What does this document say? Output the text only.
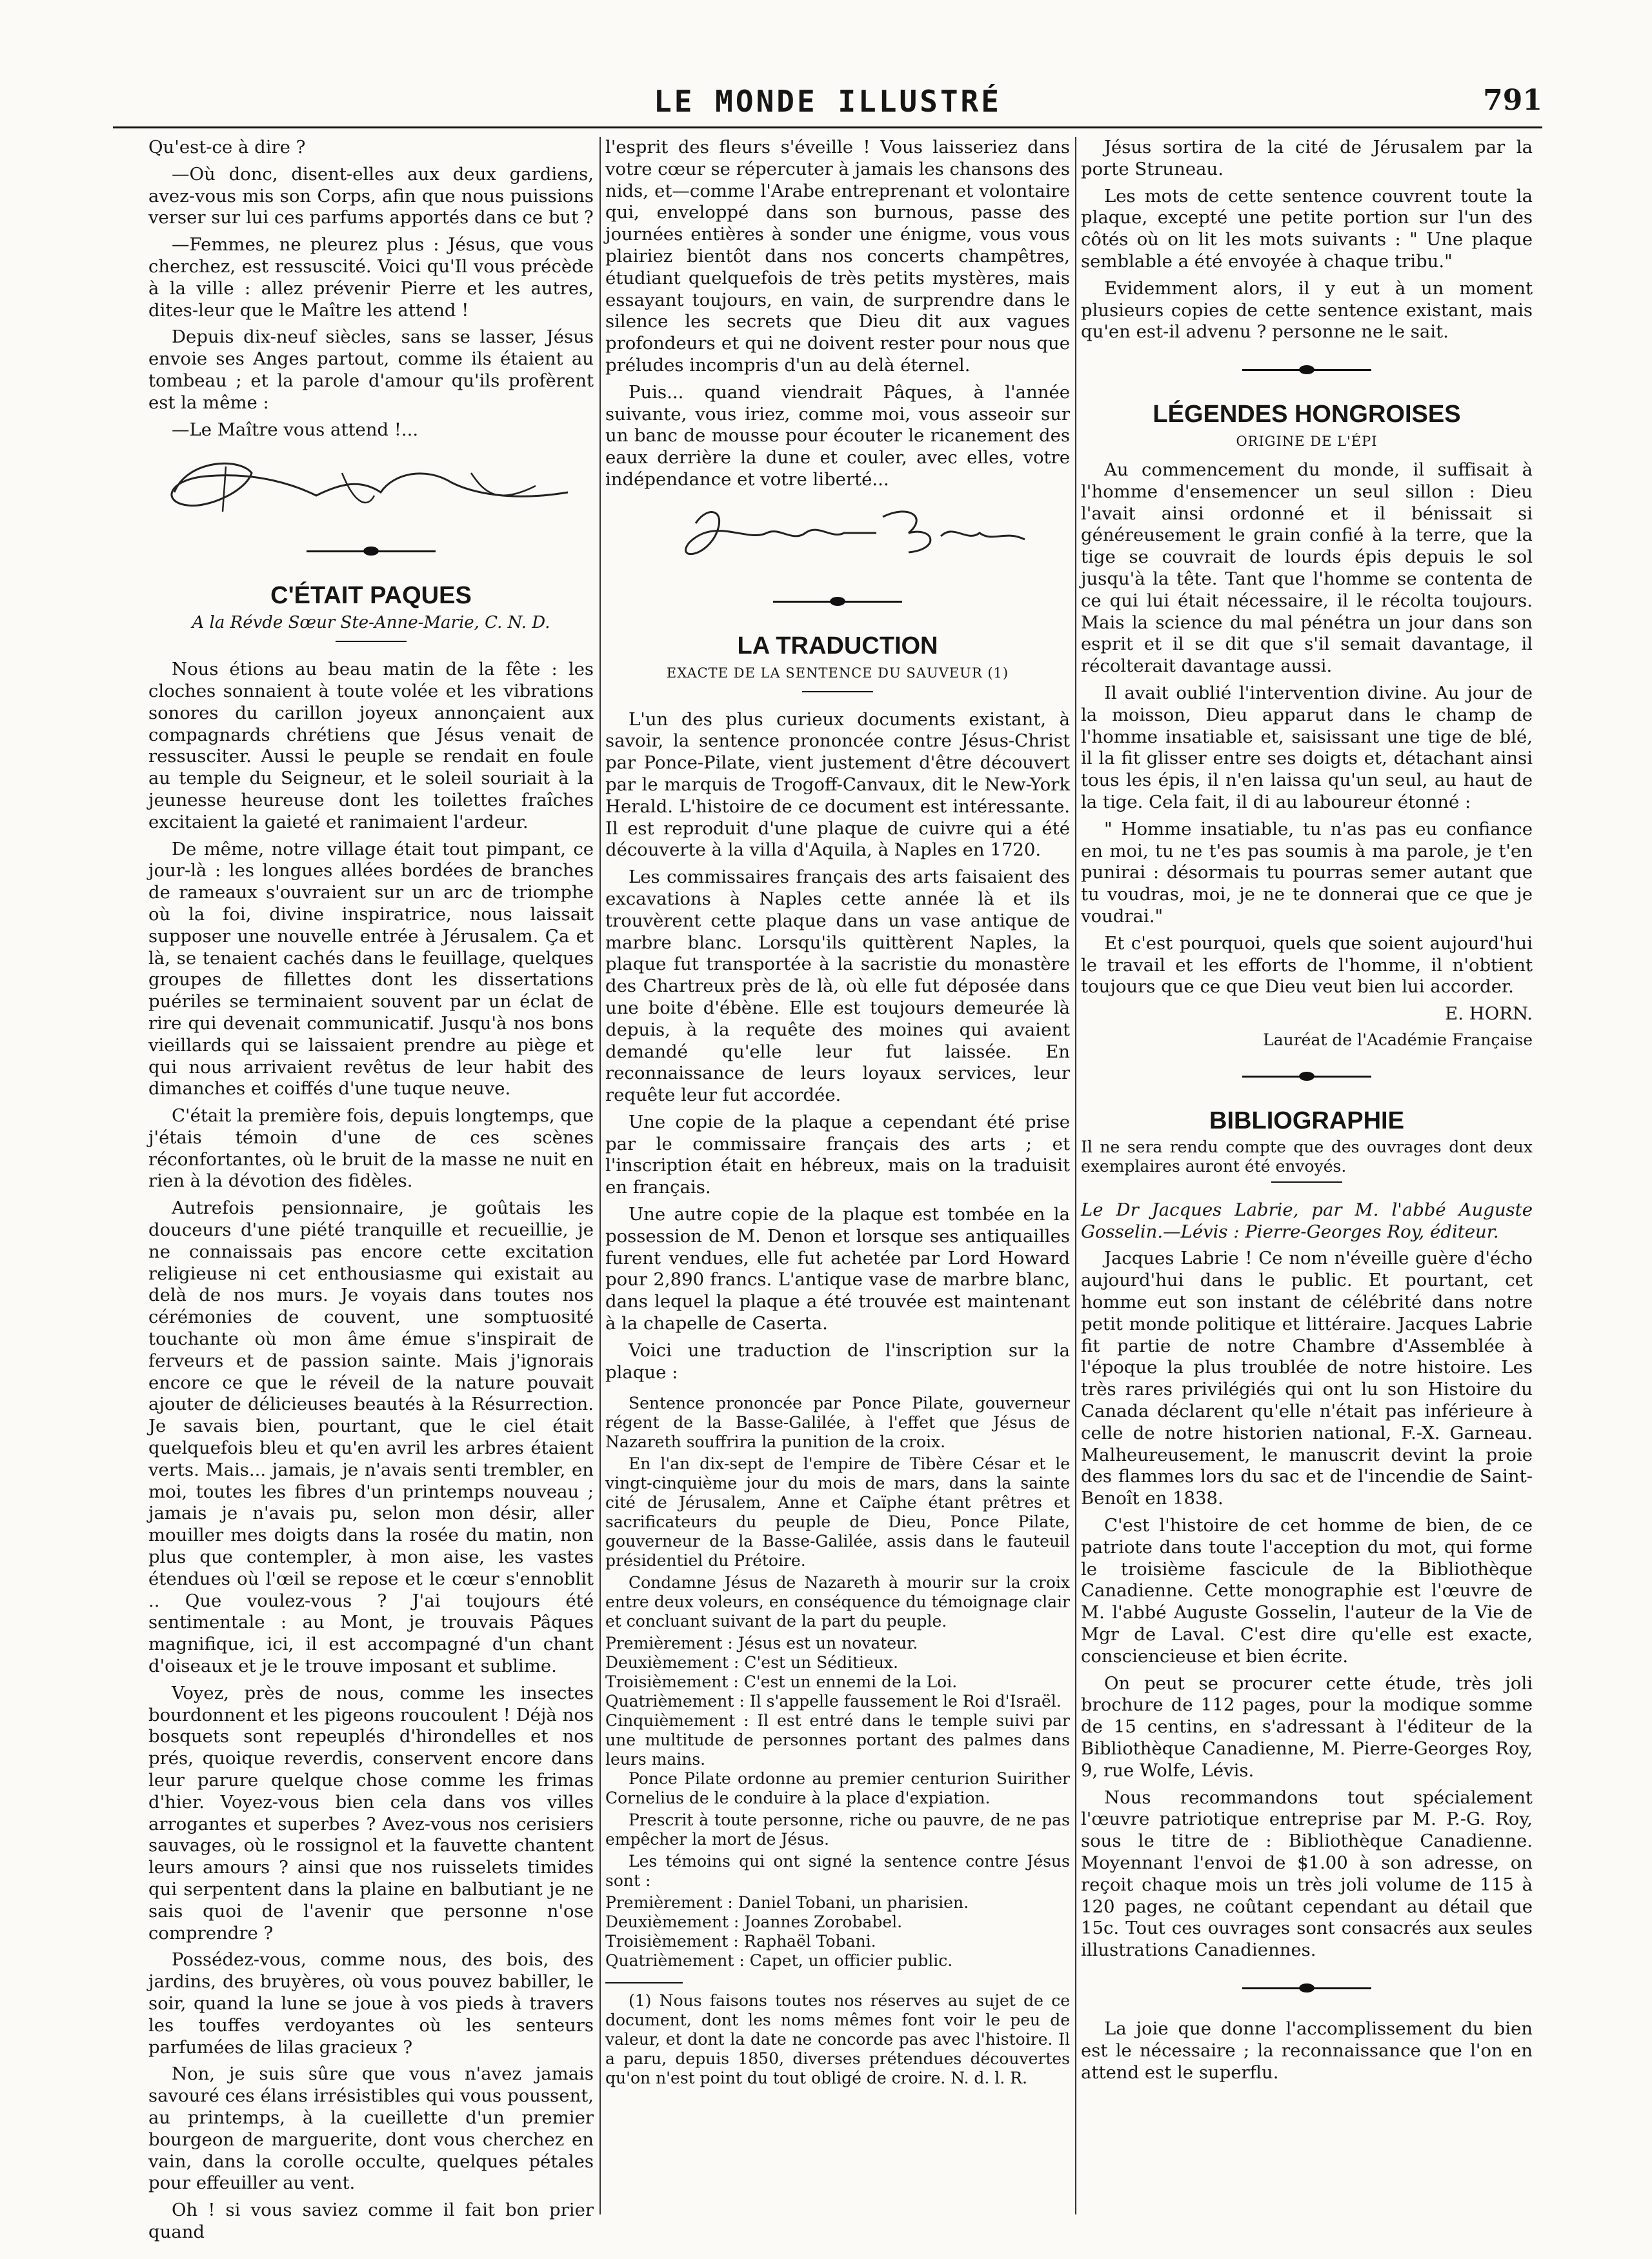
LE MONDE ILLUSTRÉ	791

Qu'est-ce à dire ?

—Où donc, disent-elles aux deux gardiens, avez-vous mis son Corps, afin que nous puissions verser sur lui ces parfums apportés dans ce but ?

—Femmes, ne pleurez plus : Jésus, que vous cherchez, est ressuscité. Voici qu'Il vous précède à la ville : allez prévenir Pierre et les autres, dites-leur que le Maître les attend !

Depuis dix-neuf siècles, sans se lasser, Jésus envoie ses Anges partout, comme ils étaient au tombeau ; et la parole d'amour qu'ils profèrent est la même :

—Le Maître vous attend !...

C'ÉTAIT PAQUES
A la Révde Sœur Ste-Anne-Marie, C. N. D.

Nous étions au beau matin de la fête : les cloches sonnaient à toute volée et les vibrations sonores du carillon joyeux annonçaient aux compagnards chrétiens que Jésus venait de ressusciter. Aussi le peuple se rendait en foule au temple du Seigneur, et le soleil souriait à la jeunesse heureuse dont les toilettes fraîches excitaient la gaieté et ranimaient l'ardeur.

De même, notre village était tout pimpant, ce jour-là : les longues allées bordées de branches de rameaux s'ouvraient sur un arc de triomphe où la foi, divine inspiratrice, nous laissait supposer une nouvelle entrée à Jérusalem. Ça et là, se tenaient cachés dans le feuillage, quelques groupes de fillettes dont les dissertations puériles se terminaient souvent par un éclat de rire qui devenait communicatif. Jusqu'à nos bons vieillards qui se laissaient prendre au piège et qui nous arrivaient revêtus de leur habit des dimanches et coiffés d'une tuque neuve.

C'était la première fois, depuis longtemps, que j'étais témoin d'une de ces scènes réconfortantes, où le bruit de la masse ne nuit en rien à la dévotion des fidèles.

Autrefois pensionnaire, je goûtais les douceurs d'une piété tranquille et recueillie, je ne connaissais pas encore cette excitation religieuse ni cet enthousiasme qui existait au delà de nos murs. Je voyais dans toutes nos cérémonies de couvent, une somptuosité touchante où mon âme émue s'inspirait de ferveurs et de passion sainte. Mais j'ignorais encore ce que le réveil de la nature pouvait ajouter de délicieuses beautés à la Résurrection. Je savais bien, pourtant, que le ciel était quelquefois bleu et qu'en avril les arbres étaient verts. Mais... jamais, je n'avais senti trembler, en moi, toutes les fibres d'un printemps nouveau ; jamais je n'avais pu, selon mon désir, aller mouiller mes doigts dans la rosée du matin, non plus que contempler, à mon aise, les vastes étendues où l'œil se repose et le cœur s'ennoblit .. Que voulez-vous ? J'ai toujours été sentimentale : au Mont, je trouvais Pâques magnifique, ici, il est accompagné d'un chant d'oiseaux et je le trouve imposant et sublime.

Voyez, près de nous, comme les insectes bourdonnent et les pigeons roucoulent ! Déjà nos bosquets sont repeuplés d'hirondelles et nos prés, quoique reverdis, conservent encore dans leur parure quelque chose comme les frimas d'hier. Voyez-vous bien cela dans vos villes arrogantes et superbes ? Avez-vous nos cerisiers sauvages, où le rossignol et la fauvette chantent leurs amours ? ainsi que nos ruisselets timides qui serpentent dans la plaine en balbutiant je ne sais quoi de l'avenir que personne n'ose comprendre ?

Possédez-vous, comme nous, des bois, des jardins, des bruyères, où vous pouvez babiller, le soir, quand la lune se joue à vos pieds à travers les touffes verdoyantes où les senteurs parfumées de lilas gracieux ?

Non, je suis sûre que vous n'avez jamais savouré ces élans irrésistibles qui vous poussent, au printemps, à la cueillette d'un premier bourgeon de marguerite, dont vous cherchez en vain, dans la corolle occulte, quelques pétales pour effeuiller au vent.

Oh ! si vous saviez comme il fait bon prier quand

l'esprit des fleurs s'éveille ! Vous laisseriez dans votre cœur se répercuter à jamais les chansons des nids, et—comme l'Arabe entreprenant et volontaire qui, enveloppé dans son burnous, passe des journées entières à sonder une énigme, vous vous plairiez bientôt dans nos concerts champêtres, étudiant quelquefois de très petits mystères, mais essayant toujours, en vain, de surprendre dans le silence les secrets que Dieu dit aux vagues profondeurs et qui ne doivent rester pour nous que préludes incompris d'un au delà éternel.

Puis... quand viendrait Pâques, à l'année suivante, vous iriez, comme moi, vous asseoir sur un banc de mousse pour écouter le ricanement des eaux derrière la dune et couler, avec elles, votre indépendance et votre liberté...

LA TRADUCTION
EXACTE DE LA SENTENCE DU SAUVEUR (1)

L'un des plus curieux documents existant, à savoir, la sentence prononcée contre Jésus-Christ par Ponce-Pilate, vient justement d'être découvert par le marquis de Trogoff-Canvaux, dit le New-York Herald. L'histoire de ce document est intéressante. Il est reproduit d'une plaque de cuivre qui a été découverte à la villa d'Aquila, à Naples en 1720.

Les commissaires français des arts faisaient des excavations à Naples cette année là et ils trouvèrent cette plaque dans un vase antique de marbre blanc. Lorsqu'ils quittèrent Naples, la plaque fut transportée à la sacristie du monastère des Chartreux près de là, où elle fut déposée dans une boite d'ébène. Elle est toujours demeurée là depuis, à la requête des moines qui avaient demandé qu'elle leur fut laissée. En reconnaissance de leurs loyaux services, leur requête leur fut accordée.

Une copie de la plaque a cependant été prise par le commissaire français des arts ; et l'inscription était en hébreux, mais on la traduisit en français.

Une autre copie de la plaque est tombée en la possession de M. Denon et lorsque ses antiquailles furent vendues, elle fut achetée par Lord Howard pour 2,890 francs. L'antique vase de marbre blanc, dans lequel la plaque a été trouvée est maintenant à la chapelle de Caserta.

Voici une traduction de l'inscription sur la plaque :

Sentence prononcée par Ponce Pilate, gouverneur régent de la Basse-Galilée, à l'effet que Jésus de Nazareth souffrira la punition de la croix.

En l'an dix-sept de l'empire de Tibère César et le vingt-cinquième jour du mois de mars, dans la sainte cité de Jérusalem, Anne et Caïphe étant prêtres et sacrificateurs du peuple de Dieu, Ponce Pilate, gouverneur de la Basse-Galilée, assis dans le fauteuil présidentiel du Prétoire.

Condamne Jésus de Nazareth à mourir sur la croix entre deux voleurs, en conséquence du témoignage clair et concluant suivant de la part du peuple.

Premièrement : Jésus est un novateur.

Deuxièmement : C'est un Séditieux.

Troisièmement : C'est un ennemi de la Loi.

Quatrièmement : Il s'appelle faussement le Roi d'Israël.

Cinquièmement : Il est entré dans le temple suivi par une multitude de personnes portant des palmes dans leurs mains.

Ponce Pilate ordonne au premier centurion Suirither Cornelius de le conduire à la place d'expiation.

Prescrit à toute personne, riche ou pauvre, de ne pas empêcher la mort de Jésus.

Les témoins qui ont signé la sentence contre Jésus sont :

Premièrement : Daniel Tobani, un pharisien.

Deuxièmement : Joannes Zorobabel.

Troisièmement : Raphaël Tobani.

Quatrièmement : Capet, un officier public.

(1) Nous faisons toutes nos réserves au sujet de ce document, dont les noms mêmes font voir le peu de valeur, et dont la date ne concorde pas avec l'histoire. Il a paru, depuis 1850, diverses prétendues découvertes qu'on n'est point du tout obligé de croire. N. d. l. R.

Jésus sortira de la cité de Jérusalem par la porte Struneau.

Les mots de cette sentence couvrent toute la plaque, excepté une petite portion sur l'un des côtés où on lit les mots suivants : " Une plaque semblable a été envoyée à chaque tribu."

Evidemment alors, il y eut à un moment plusieurs copies de cette sentence existant, mais qu'en est-il advenu ? personne ne le sait.

LÉGENDES HONGROISES
ORIGINE DE L'ÉPI

Au commencement du monde, il suffisait à l'homme d'ensemencer un seul sillon : Dieu l'avait ainsi ordonné et il bénissait si généreusement le grain confié à la terre, que la tige se couvrait de lourds épis depuis le sol jusqu'à la tête. Tant que l'homme se contenta de ce qui lui était nécessaire, il le récolta toujours. Mais la science du mal pénétra un jour dans son esprit et il se dit que s'il semait davantage, il récolterait davantage aussi.

Il avait oublié l'intervention divine. Au jour de la moisson, Dieu apparut dans le champ de l'homme insatiable et, saisissant une tige de blé, il la fit glisser entre ses doigts et, détachant ainsi tous les épis, il n'en laissa qu'un seul, au haut de la tige. Cela fait, il di au laboureur étonné :

" Homme insatiable, tu n'as pas eu confiance en moi, tu ne t'es pas soumis à ma parole, je t'en punirai : désormais tu pourras semer autant que tu voudras, moi, je ne te donnerai que ce que je voudrai."

Et c'est pourquoi, quels que soient aujourd'hui le travail et les efforts de l'homme, il n'obtient toujours que ce que Dieu veut bien lui accorder.

E. HORN.

Lauréat de l'Académie Française

BIBLIOGRAPHIE

Il ne sera rendu compte que des ouvrages dont deux exemplaires auront été envoyés.

Le Dr Jacques Labrie, par M. l'abbé Auguste Gosselin.—Lévis : Pierre-Georges Roy, éditeur.

Jacques Labrie ! Ce nom n'éveille guère d'écho aujourd'hui dans le public. Et pourtant, cet homme eut son instant de célébrité dans notre petit monde politique et littéraire. Jacques Labrie fit partie de notre Chambre d'Assemblée à l'époque la plus troublée de notre histoire. Les très rares privilégiés qui ont lu son Histoire du Canada déclarent qu'elle n'était pas inférieure à celle de notre historien national, F.-X. Garneau. Malheureusement, le manuscrit devint la proie des flammes lors du sac et de l'incendie de Saint-Benoît en 1838.

C'est l'histoire de cet homme de bien, de ce patriote dans toute l'acception du mot, qui forme le troisième fascicule de la Bibliothèque Canadienne. Cette monographie est l'œuvre de M. l'abbé Auguste Gosselin, l'auteur de la Vie de Mgr de Laval. C'est dire qu'elle est exacte, consciencieuse et bien écrite.

On peut se procurer cette étude, très joli brochure de 112 pages, pour la modique somme de 15 centins, en s'adressant à l'éditeur de la Bibliothèque Canadienne, M. Pierre-Georges Roy, 9, rue Wolfe, Lévis.

Nous recommandons tout spécialement l'œuvre patriotique entreprise par M. P.-G. Roy, sous le titre de : Bibliothèque Canadienne. Moyennant l'envoi de $1.00 à son adresse, on reçoit chaque mois un très joli volume de 115 à 120 pages, ne coûtant cependant au détail que 15c. Tout ces ouvrages sont consacrés aux seules illustrations Canadiennes.

La joie que donne l'accomplissement du bien est le nécessaire ; la reconnaissance que l'on en attend est le superflu.
